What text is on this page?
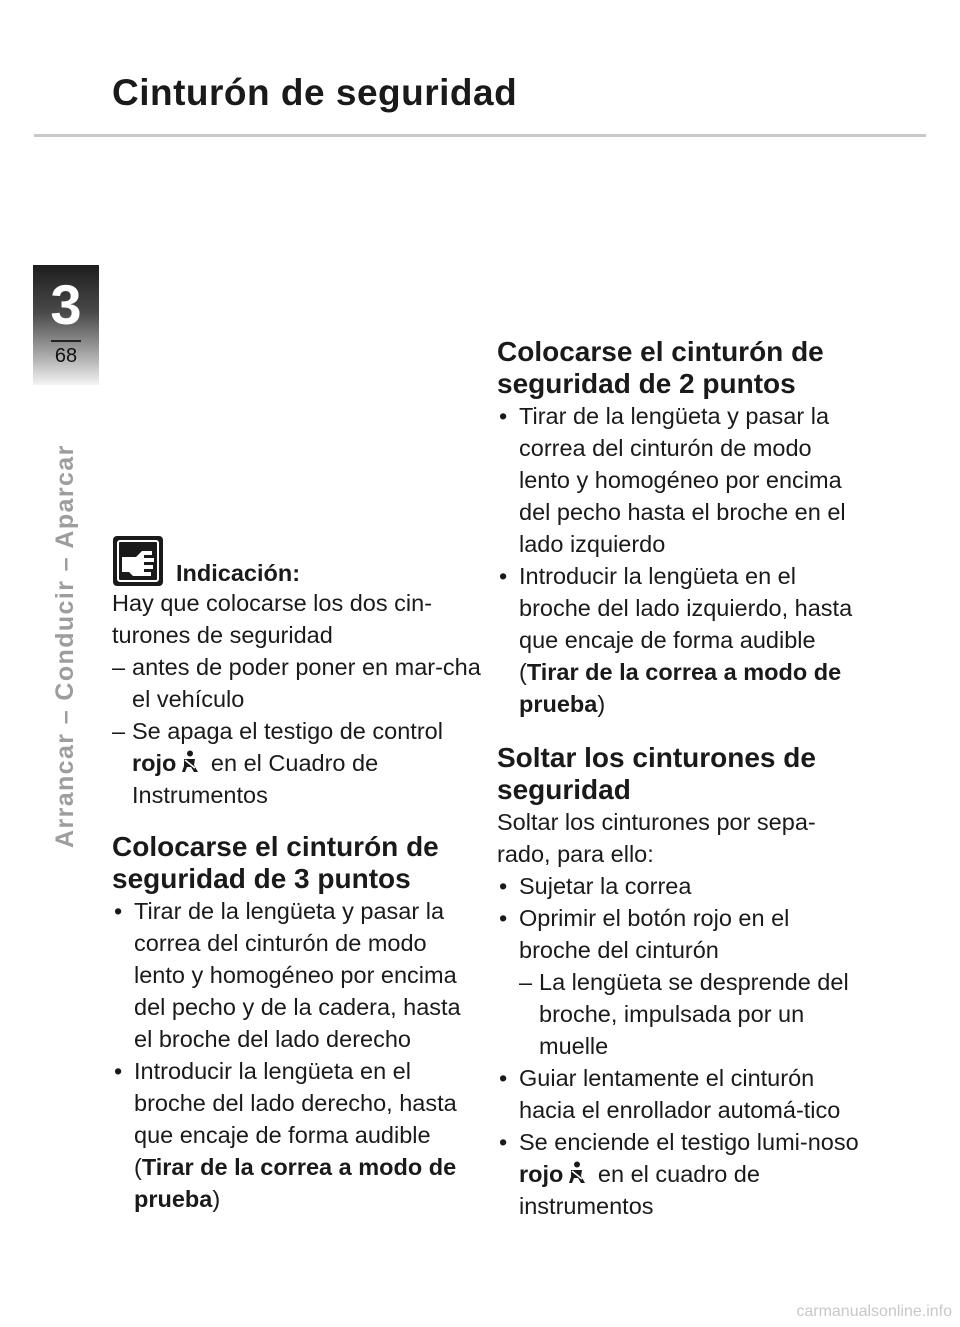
Cinturón de seguridad
3
68
Arrancar – Conducir – Aparcar	Indicación:

Hay que colocarse los dos cin-turones de seguridad

– antes de poder poner en mar-cha el vehículo
– Se apaga el testigo de control rojo en el Cuadro de Instrumentos
Colocarse el cinturón de seguridad de 3 puntos
• Tirar de la lengüeta y pasar la correa del cinturón de modo lento y homogéneo por encima del pecho y de la cadera, hasta el broche del lado derecho
• Introducir la lengüeta en el broche del lado derecho, hasta que encaje de forma audible (Tirar de la correa a modo de prueba)
Colocarse el cinturón de seguridad de 2 puntos
• Tirar de la lengüeta y pasar la correa del cinturón de modo lento y homogéneo por encima del pecho hasta el broche en el lado izquierdo
• Introducir la lengüeta en el broche del lado izquierdo, hasta que encaje de forma audible (Tirar de la correa a modo de prueba)
Soltar los cinturones de seguridad

Soltar los cinturones por sepa-rado, para ello:

• Sujetar la correa
• Oprimir el botón rojo en el broche del cinturón
– La lengüeta se desprende del broche, impulsada por un muelle
• Guiar lentamente el cinturón hacia el enrollador automá-tico
• Se enciende el testigo lumi-noso rojo en el cuadro de instrumentos
carmanualsonline.info
